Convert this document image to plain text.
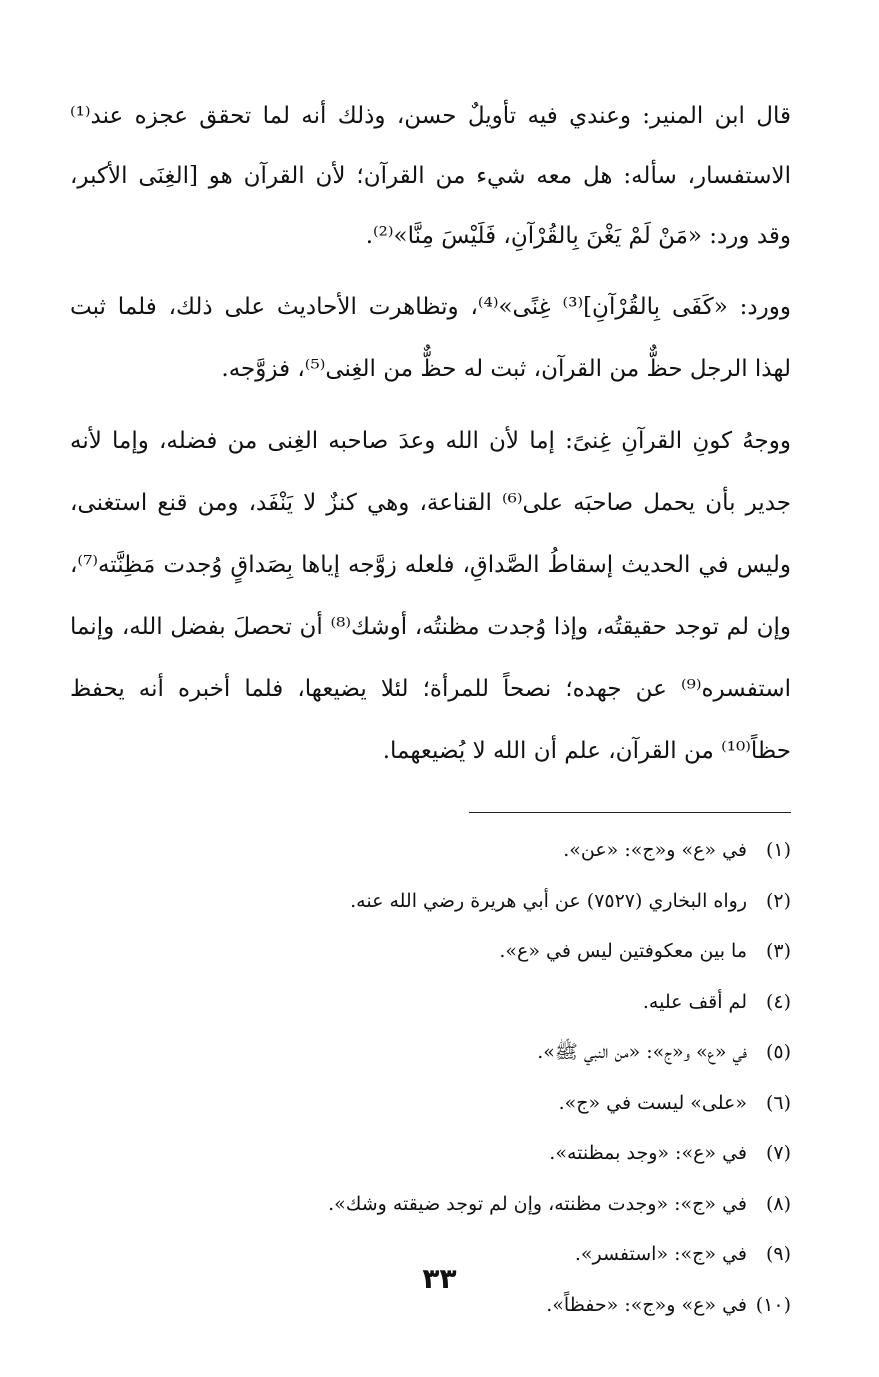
قال ابن المنير: وعندي فيه تأويلٌ حسن، وذلك أنه لما تحقق عجزه عند⁽¹⁾ الاستفسار، سأله: هل معه شيء من القرآن؛ لأن القرآن هو [الغِنَى الأكبر، وقد ورد: «مَنْ لَمْ يَغْنَ بِالقُرْآنِ، فَلَيْسَ مِنَّا»⁽²⁾.

وورد: «كَفَى بِالقُرْآنِ]⁽³⁾ غِنًى»⁽⁴⁾، وتظاهرت الأحاديث على ذلك، فلما ثبت لهذا الرجل حظٌّ من القرآن، ثبت له حظٌّ من الغِنى⁽⁵⁾، فزوَّجه.

ووجهُ كونِ القرآنِ غِنىً: إما لأن الله وعدَ صاحبه الغِنى من فضله، وإما لأنه جدير بأن يحمل صاحبَه على⁽⁶⁾ القناعة، وهي كنزٌ لا يَنْفَد، ومن قنع استغنى، وليس في الحديث إسقاطُ الصَّداقِ، فلعله زوَّجه إياها بِصَداقٍ وُجدت مَظِنَّته⁽⁷⁾، وإن لم توجد حقيقتُه، وإذا وُجدت مظنتُه، أوشك⁽⁸⁾ أن تحصلَ بفضل الله، وإنما استفسره⁽⁹⁾ عن جهده؛ نصحاً للمرأة؛ لئلا يضيعها، فلما أخبره أنه يحفظ حظاً⁽¹⁰⁾ من القرآن، علم أن الله لا يُضيعهما.

(١)في «ع» و«ج»: «عن».
(٢)رواه البخاري (٧٥٢٧) عن أبي هريرة رضي الله عنه.
(٣)ما بين معكوفتين ليس في «ع».
(٤)لم أقف عليه.
(٥)في «ع» و«ج»: «من النبي ﷺ».
(٦)«على» ليست في «ج».
(٧)في «ع»: «وجد بمظنته».
(٨)في «ج»: «وجدت مظنته، وإن لم توجد ضيقته وشك».
(٩)في «ج»: «استفسر».
(١٠)في «ع» و«ج»: «حفظاً».
٣٣
